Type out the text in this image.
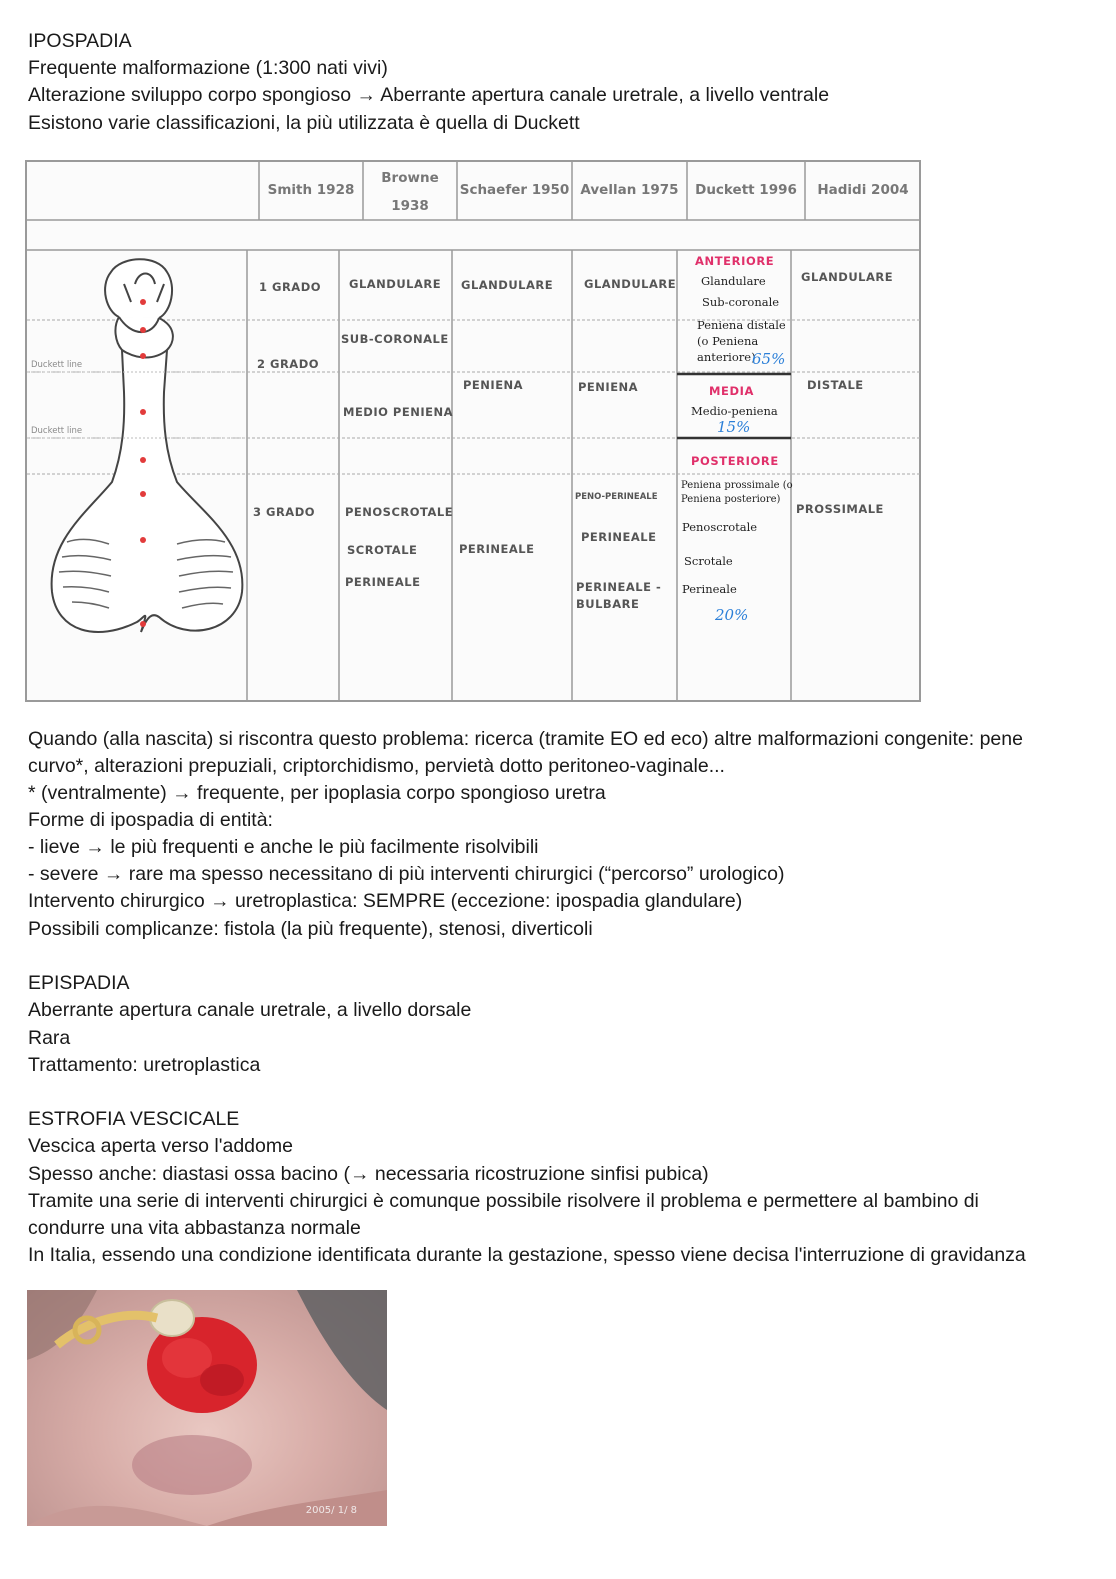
IPOSPADIA
Frequente malformazione (1:300 nati vivi)
Alterazione sviluppo corpo spongioso → Aberrante apertura canale uretrale, a livello ventrale
Esistono varie classificazioni, la più utilizzata è quella di Duckett
Duckett line
Duckett line
Smith 1928
Browne
1938
Schaefer 1950 Avellan 1975	Duckett 1996	Hadidi 2004
1 GRADO
2 GRADO
3 GRADO
GLANDULARE
SUB-CORONALE
MEDIO PENIENA
PENOSCROTALE
SCROTALE
PERINEALE
GLANDULARE
PENIENA
PERINEALE
GLANDULARE
PENIENA
PENO-PERINEALE
PERINEALE
PERINEALE -
BULBARE
ANTERIORE
Glandulare
Sub-coronale
Peniena distale
(o Peniena
anteriore)
65%
MEDIA
Medio-peniena
15%
POSTERIORE
Peniena prossimale (o
Peniena posteriore)
Penoscrotale
Scrotale
Perineale
20%
GLANDULARE
DISTALE
PROSSIMALE
Quando (alla nascita) si riscontra questo problema: ricerca (tramite EO ed eco) altre malformazioni congenite: pene
curvo*, alterazioni prepuziali, criptorchidismo, pervietà dotto peritoneo-vaginale...
* (ventralmente) → frequente, per ipoplasia corpo spongioso uretra
Forme di ipospadia di entità:
- lieve → le più frequenti e anche le più facilmente risolvibili
- severe → rare ma spesso necessitano di più interventi chirurgici (“percorso” urologico)
Intervento chirurgico → uretroplastica: SEMPRE (eccezione: ipospadia glandulare)
Possibili complicanze: fistola (la più frequente), stenosi, diverticoli
EPISPADIA
Aberrante apertura canale uretrale, a livello dorsale
Rara
Trattamento: uretroplastica
ESTROFIA VESCICALE
Vescica aperta verso l'addome
Spesso anche: diastasi ossa bacino (→ necessaria ricostruzione sinfisi pubica)
Tramite una serie di interventi chirurgici è comunque possibile risolvere il problema e permettere al bambino di
condurre una vita abbastanza normale
In Italia, essendo una condizione identificata durante la gestazione, spesso viene decisa l'interruzione di gravidanza
2005/ 1/ 8
